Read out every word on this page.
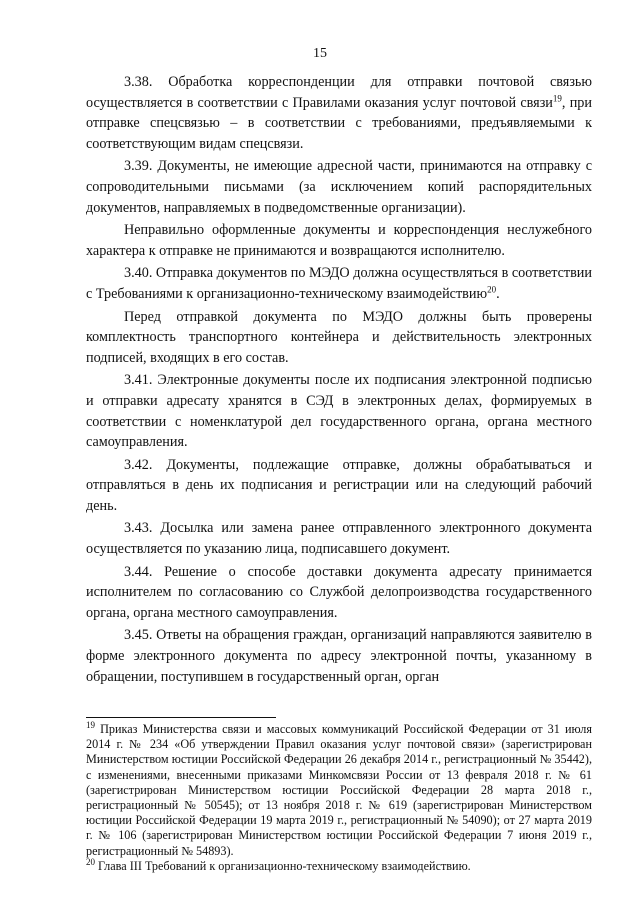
15

3.38. Обработка корреспонденции для отправки почтовой связью осуществляется в соответствии с Правилами оказания услуг почтовой связи$^{19}$, при отправке спецсвязью – в соответствии с требованиями, предъявляемыми к соответствующим видам спецсвязи.

3.39. Документы, не имеющие адресной части, принимаются на отправку с сопроводительными письмами (за исключением копий распорядительных документов, направляемых в подведомственные организации).

Неправильно оформленные документы и корреспонденция неслужебного характера к отправке не принимаются и возвращаются исполнителю.

3.40. Отправка документов по МЭДО должна осуществляться в соответствии с Требованиями к организационно-техническому взаимодействию$^{20}$.

Перед отправкой документа по МЭДО должны быть проверены комплектность транспортного контейнера и действительность электронных подписей, входящих в его состав.

3.41. Электронные документы после их подписания электронной подписью и отправки адресату хранятся в СЭД в электронных делах, формируемых в соответствии с номенклатурой дел государственного органа, органа местного самоуправления.

3.42. Документы, подлежащие отправке, должны обрабатываться и отправляться в день их подписания и регистрации или на следующий рабочий день.

3.43. Досылка или замена ранее отправленного электронного документа осуществляется по указанию лица, подписавшего документ.

3.44. Решение о способе доставки документа адресату принимается исполнителем по согласованию со Службой делопроизводства государственного органа, органа местного самоуправления.

3.45. Ответы на обращения граждан, организаций направляются заявителю в форме электронного документа по адресу электронной почты, указанному в обращении, поступившем в государственный орган, орган

$^{19}$ Приказ Министерства связи и массовых коммуникаций Российской Федерации от 31 июля 2014 г. № 234 «Об утверждении Правил оказания услуг почтовой связи» (зарегистрирован Министерством юстиции Российской Федерации 26 декабря 2014 г., регистрационный № 35442), с изменениями, внесенными приказами Минкомсвязи России от 13 февраля 2018 г. № 61 (зарегистрирован Министерством юстиции Российской Федерации 28 марта 2018 г., регистрационный № 50545); от 13 ноября 2018 г. № 619 (зарегистрирован Министерством юстиции Российской Федерации 19 марта 2019 г., регистрационный № 54090); от 27 марта 2019 г. № 106 (зарегистрирован Министерством юстиции Российской Федерации 7 июня 2019 г., регистрационный № 54893).

$^{20}$ Глава III Требований к организационно-техническому взаимодействию.
